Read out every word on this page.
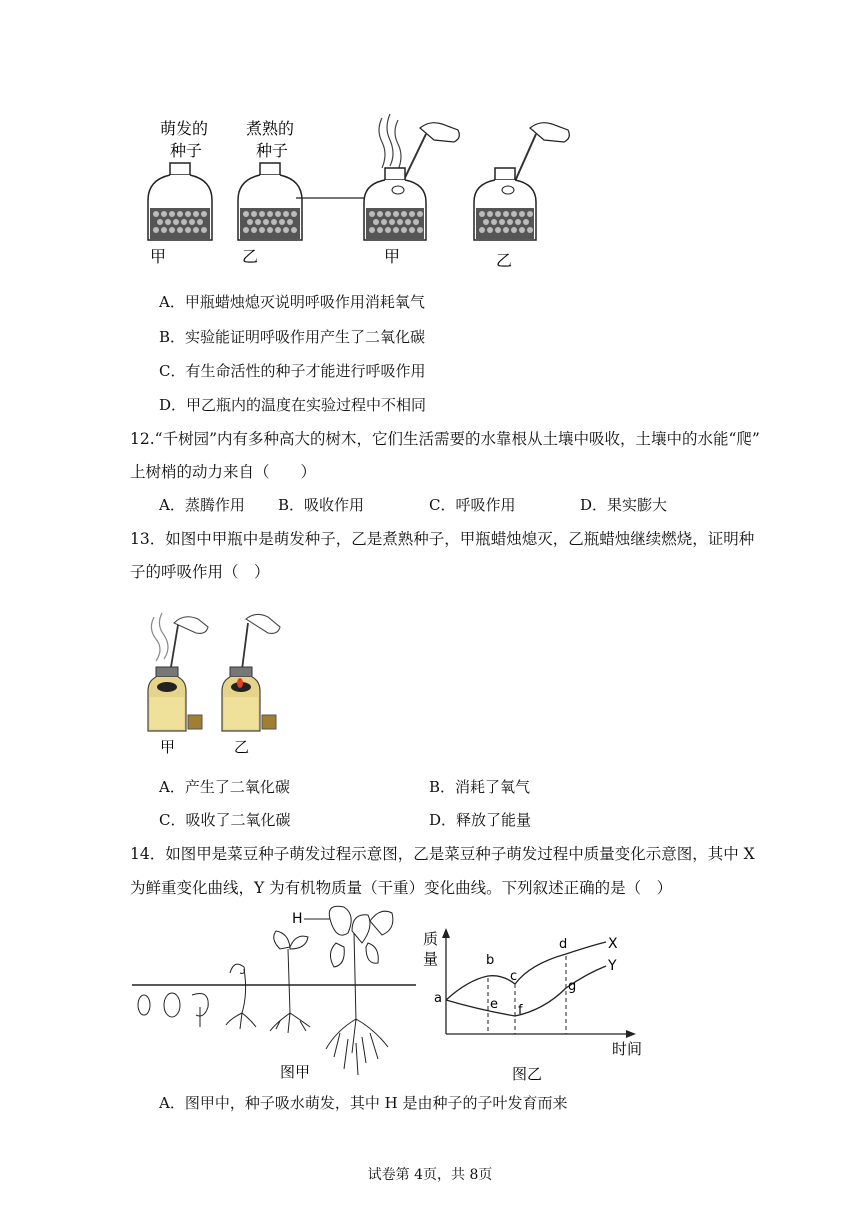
萌发的
种子
煮熟的
种子
甲	乙	甲	乙
A．甲瓶蜡烛熄灭说明呼吸作用消耗氧气
B．实验能证明呼吸作用产生了二氧化碳
C．有生命活性的种子才能进行呼吸作用
D．甲乙瓶内的温度在实验过程中不相同
12.“千树园”内有多种高大的树木，它们生活需要的水靠根从土壤中吸收，土壤中的水能“爬”
上树梢的动力来自（　　）
A．蒸腾作用 B．吸收作用	C．呼吸作用	D．果实膨大
13．如图中甲瓶中是萌发种子，乙是煮熟种子，甲瓶蜡烛熄灭，乙瓶蜡烛继续燃烧，证明种
子的呼吸作用（　）
甲	乙
A．产生了二氧化碳	B．消耗了氧气
C．吸收了二氧化碳	D．释放了能量
14．如图甲是菜豆种子萌发过程示意图，乙是菜豆种子萌发过程中质量变化示意图，其中 X
为鲜重变化曲线，Y 为有机物质量（干重）变化曲线。下列叙述正确的是（　）
H
图甲
质
量
时间
a
b
c
d
e f
g
X
Y
图乙
A．图甲中，种子吸水萌发，其中 H 是由种子的子叶发育而来
试卷第 4页，共 8页
